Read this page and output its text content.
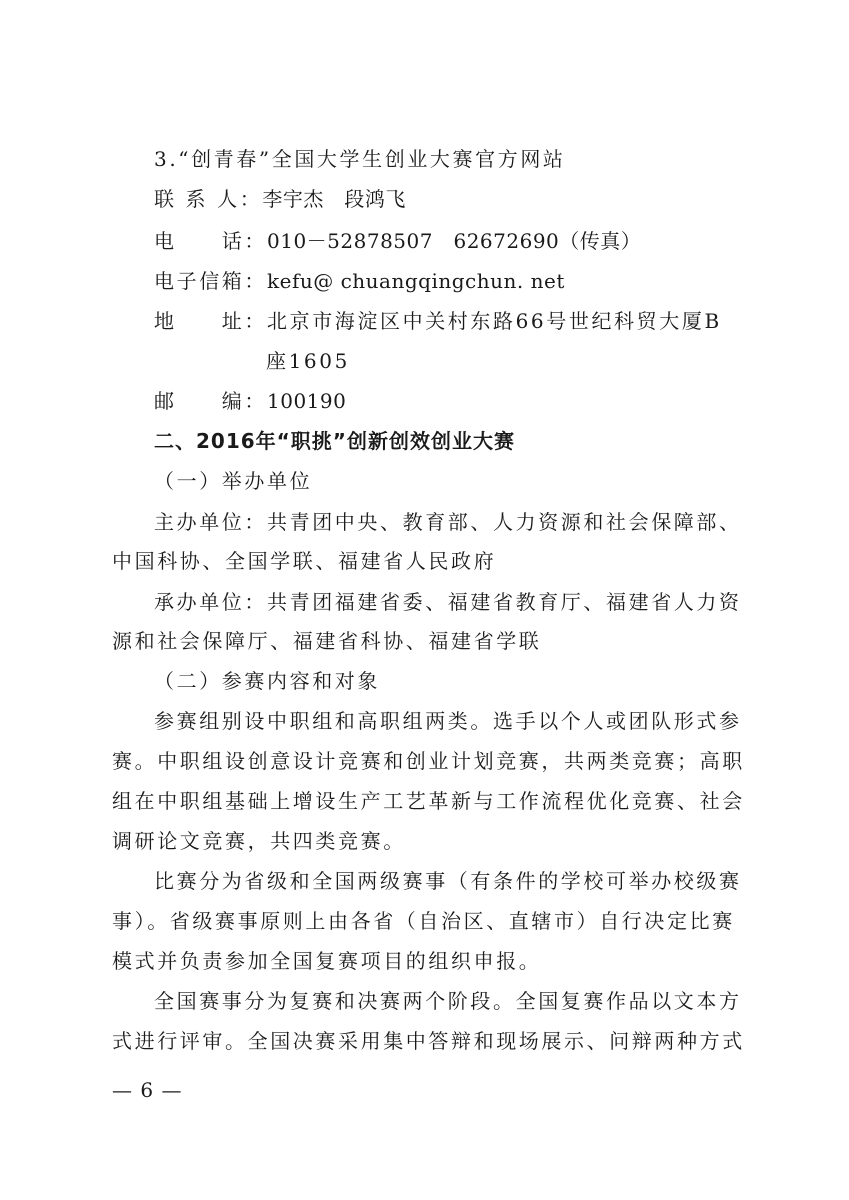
3.“创青春”全国大学生创业大赛官方网站
联 系 人：李宇杰　段鸿飞
电　　话：010－52878507　62672690（传真）
电子信箱：kefu@ chuangqingchun. net
地　　址：北京市海淀区中关村东路66号世纪科贸大厦B
座1605
邮　　编：100190
二、2016年“职挑”创新创效创业大赛
（一）举办单位
主办单位：共青团中央、教育部、人力资源和社会保障部、
中国科协、全国学联、福建省人民政府
承办单位：共青团福建省委、福建省教育厅、福建省人力资
源和社会保障厅、福建省科协、福建省学联
（二）参赛内容和对象
参赛组别设中职组和高职组两类。选手以个人或团队形式参
赛。中职组设创意设计竞赛和创业计划竞赛，共两类竞赛；高职
组在中职组基础上增设生产工艺革新与工作流程优化竞赛、社会
调研论文竞赛，共四类竞赛。
比赛分为省级和全国两级赛事（有条件的学校可举办校级赛
事）。省级赛事原则上由各省（自治区、直辖市）自行决定比赛
模式并负责参加全国复赛项目的组织申报。
全国赛事分为复赛和决赛两个阶段。全国复赛作品以文本方
式进行评审。全国决赛采用集中答辩和现场展示、问辩两种方式
— 6 —
